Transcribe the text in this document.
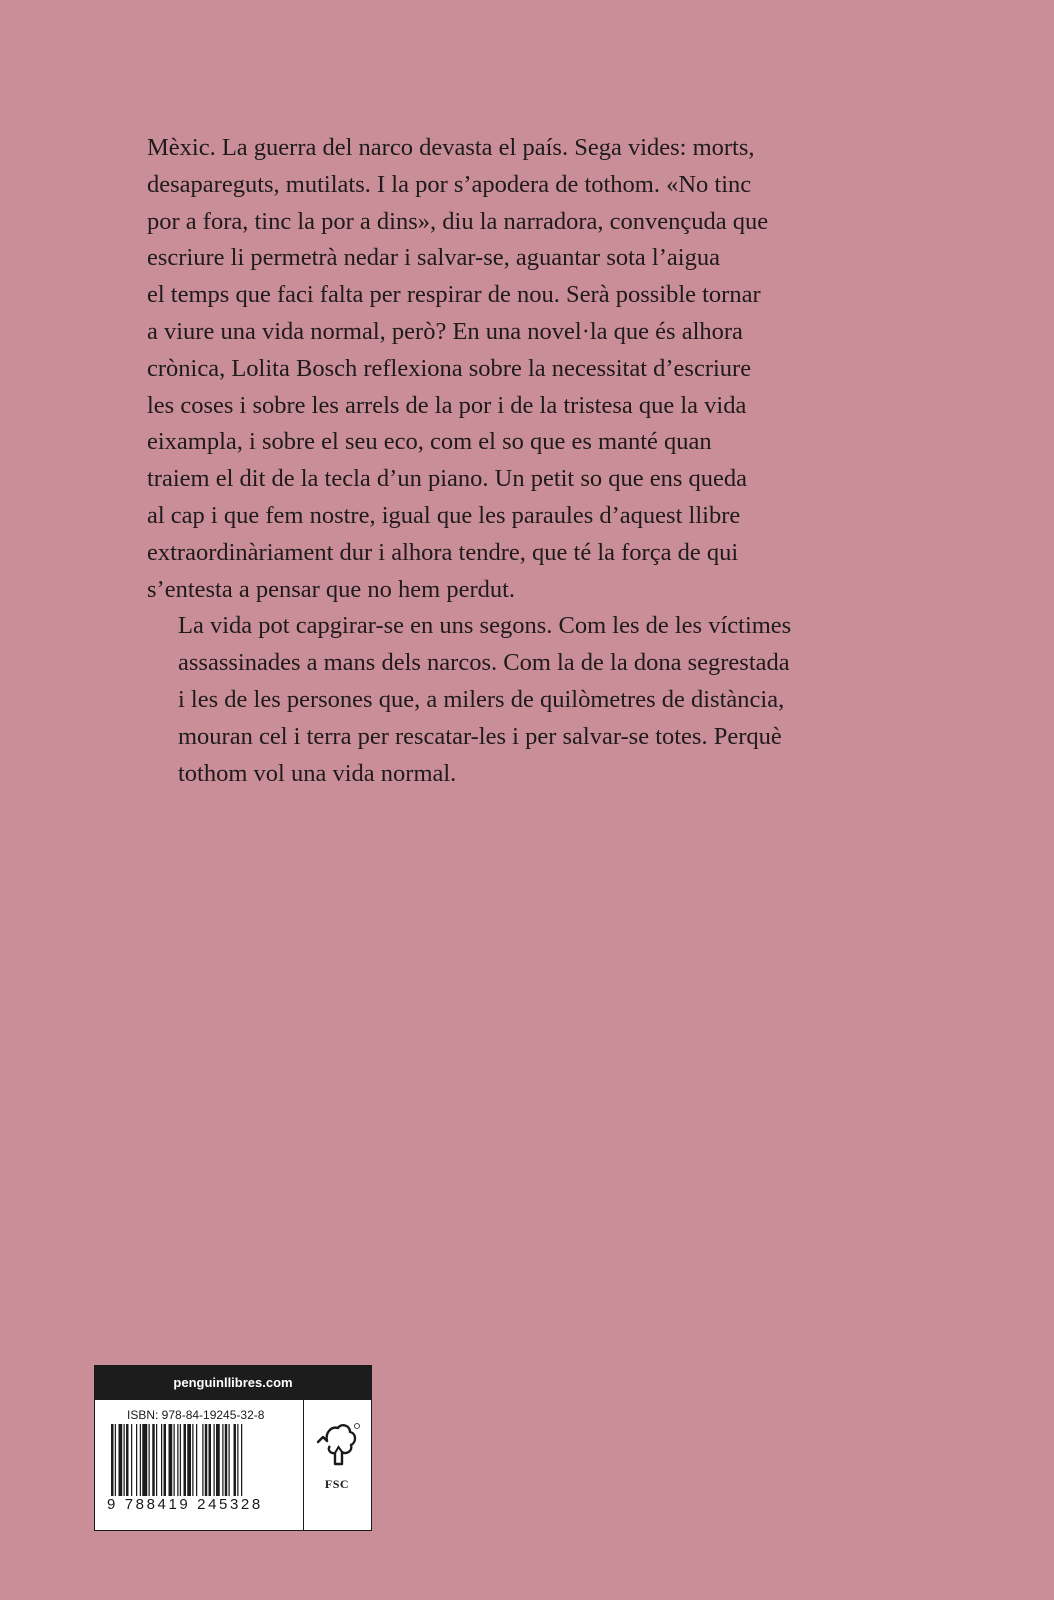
Mèxic. La guerra del narco devasta el país. Sega vides: morts,
desapareguts, mutilats. I la por s’apodera de tothom. «No tinc
por a fora, tinc la por a dins», diu la narradora, convençuda que
escriure li permetrà nedar i salvar-se, aguantar sota l’aigua
el temps que faci falta per respirar de nou. Serà possible tornar
a viure una vida normal, però? En una novel·la que és alhora
crònica, Lolita Bosch reflexiona sobre la necessitat d’escriure
les coses i sobre les arrels de la por i de la tristesa que la vida
eixampla, i sobre el seu eco, com el so que es manté quan
traiem el dit de la tecla d’un piano. Un petit so que ens queda
al cap i que fem nostre, igual que les paraules d’aquest llibre
extraordinàriament dur i alhora tendre, que té la força de qui
s’entesta a pensar que no hem perdut.

La vida pot capgirar-se en uns segons. Com les de les víctimes
assassinades a mans dels narcos. Com la de la dona segrestada
i les de les persones que, a milers de quilòmetres de distància,
mouran cel i terra per rescatar-les i per salvar-se totes. Perquè
tothom vol una vida normal.

penguinllibres.com
ISBN: 978-84-19245-32-8
9 788419 245328
FSC
